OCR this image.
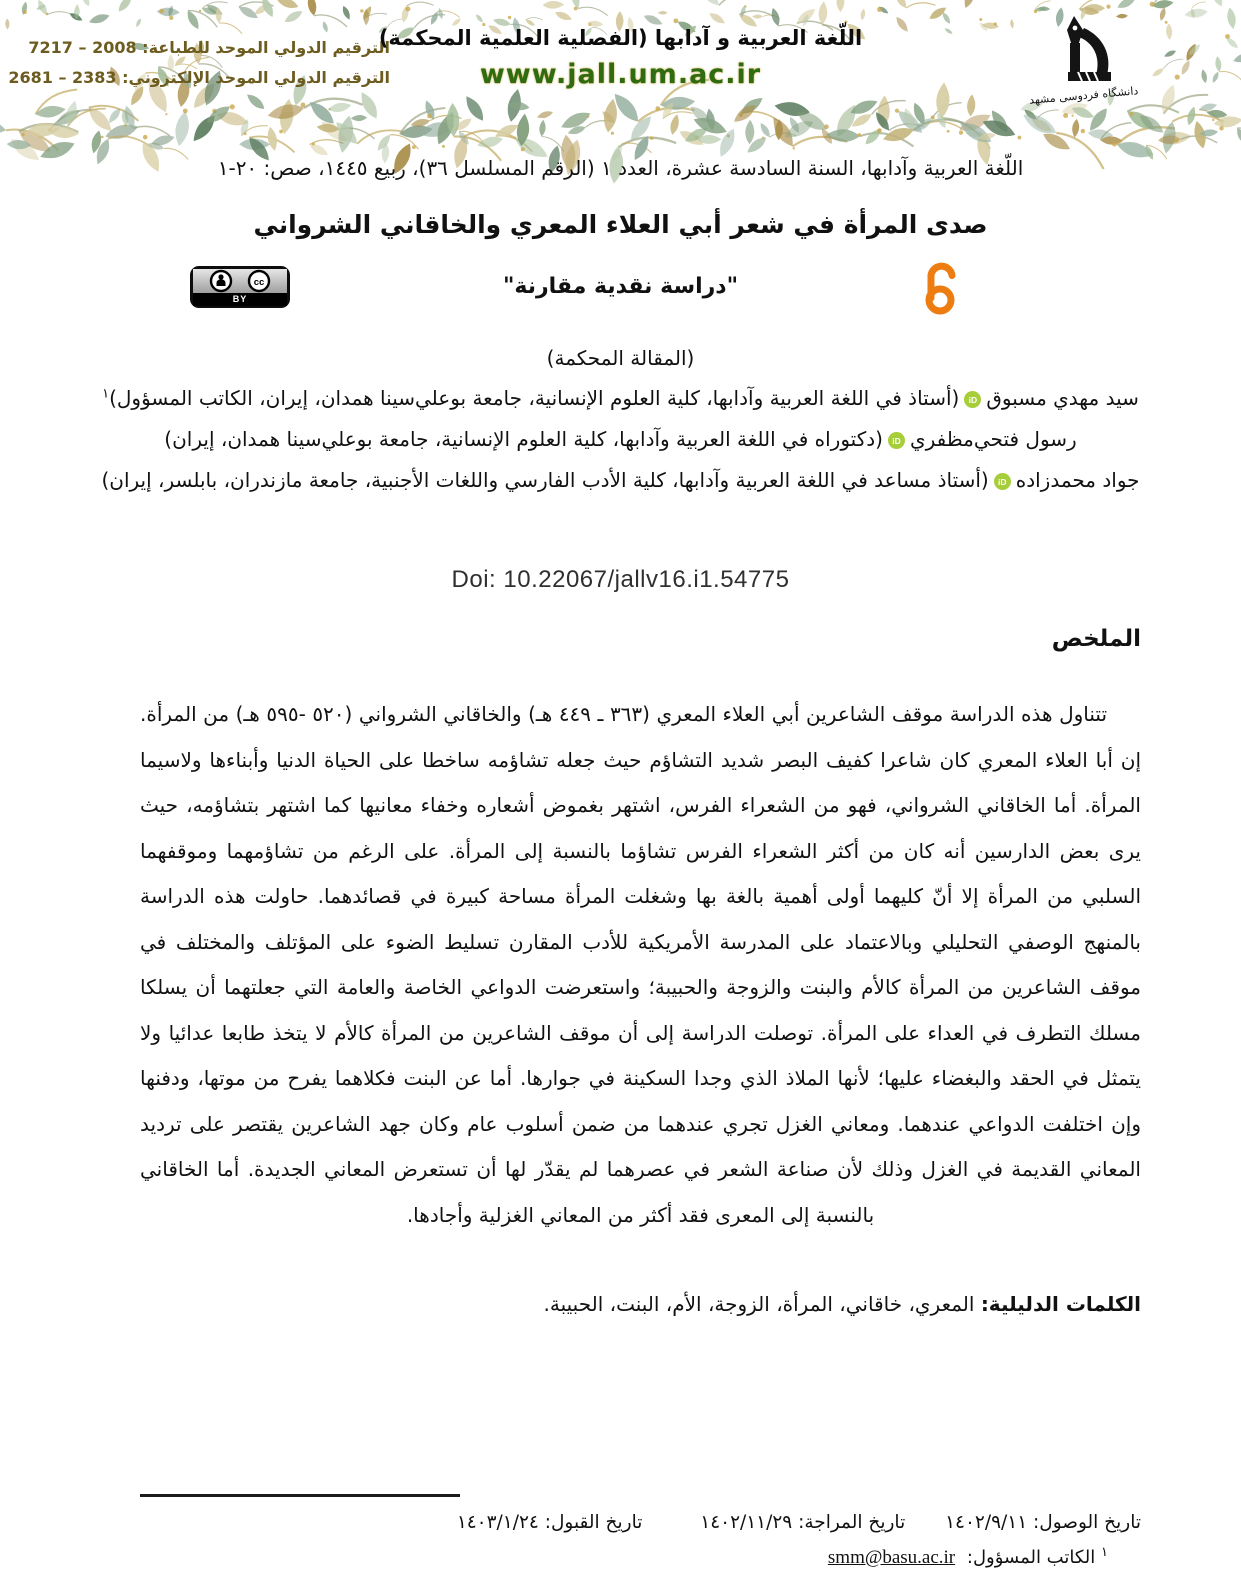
الترقيم الدولي الموحد للطباعة: 2008 – 7217
الترقيم الدولي الموحد الإلكتروني: 2383 – 2681
اللّغة العربية و آدابها (الفصلية العلمية المحكمة)
www.jall.um.ac.ir
دانشگاه فردوسی مشهد
اللّغة العربية وآدابها، السنة السادسة عشرة، العدد ١ (الرقم المسلسل ٣٦)، ربيع ١٤٤٥، صص: ٢٠-١
صدى المرأة في شعر أبي العلاء المعري والخاقاني الشرواني
"دراسة نقدية مقارنة"
(المقالة المحكمة)
cc
BY
سيد مهدي مسبوقiD(أستاذ في اللغة العربية وآدابها، كلية العلوم الإنسانية، جامعة بوعلي‌سينا همدان، إيران، الكاتب المسؤول)$^١$
رسول فتحي‌مظفريiD(دكتوراه في اللغة العربية وآدابها، كلية العلوم الإنسانية، جامعة بوعلي‌سينا همدان، إيران)
جواد محمدزادهiD(أستاذ مساعد في اللغة العربية وآدابها، كلية الأدب الفارسي واللغات الأجنبية، جامعة مازندران، بابلسر، إيران)
Doi: 10.22067/jallv16.i1.54775
الملخص

تتناول هذه الدراسة موقف الشاعرين أبي العلاء المعري (٣٦٣ ـ ٤٤٩ هـ) والخاقاني الشرواني (٥٢٠ -٥٩٥ هـ) من المرأة. إن أبا العلاء المعري كان شاعرا كفيف البصر شديد التشاؤم حيث جعله تشاؤمه ساخطا على الحياة الدنيا وأبناءها ولاسيما المرأة. أما الخاقاني الشرواني، فهو من الشعراء الفرس، اشتهر بغموض أشعاره وخفاء معانيها كما اشتهر بتشاؤمه، حيث يرى بعض الدارسين أنه كان من أكثر الشعراء الفرس تشاؤما بالنسبة إلى المرأة. على الرغم من تشاؤمهما وموقفهما السلبي من المرأة إلا أنّ كليهما أولى أهمية بالغة بها وشغلت المرأة مساحة كبيرة في قصائدهما. حاولت هذه الدراسة بالمنهج الوصفي التحليلي وبالاعتماد على المدرسة الأمريكية للأدب المقارن تسليط الضوء على المؤتلف والمختلف في موقف الشاعرين من المرأة كالأم والبنت والزوجة والحبيبة؛ واستعرضت الدواعي الخاصة والعامة التي جعلتهما أن يسلكا مسلك التطرف في العداء على المرأة. توصلت الدراسة إلى أن موقف الشاعرين من المرأة كالأم لا يتخذ طابعا عدائيا ولا يتمثل في الحقد والبغضاء عليها؛ لأنها الملاذ الذي وجدا السكينة في جوارها. أما عن البنت فكلاهما يفرح من موتها، ودفنها وإن اختلفت الدواعي عندهما. ومعاني الغزل تجري عندهما من ضمن أسلوب عام وكان جهد الشاعرين يقتصر على ترديد المعاني القديمة في الغزل وذلك لأن صناعة الشعر في عصرهما لم يقدّر لها أن تستعرض المعاني الجديدة. أما الخاقاني بالنسبة إلى المعرى فقد أكثر من المعاني الغزلية وأجادها.

الكلمات الدليلية: المعري، خاقاني، المرأة، الزوجة، الأم، البنت، الحبيبة.
تاريخ الوصول: ١٤٠٢/٩/١١ تاريخ المراجة: ١٤٠٢/١١/٢٩ تاريخ القبول: ١٤٠٣/١/٢٤
$^١$ الكاتب المسؤول: smm@basu.ac.ir
